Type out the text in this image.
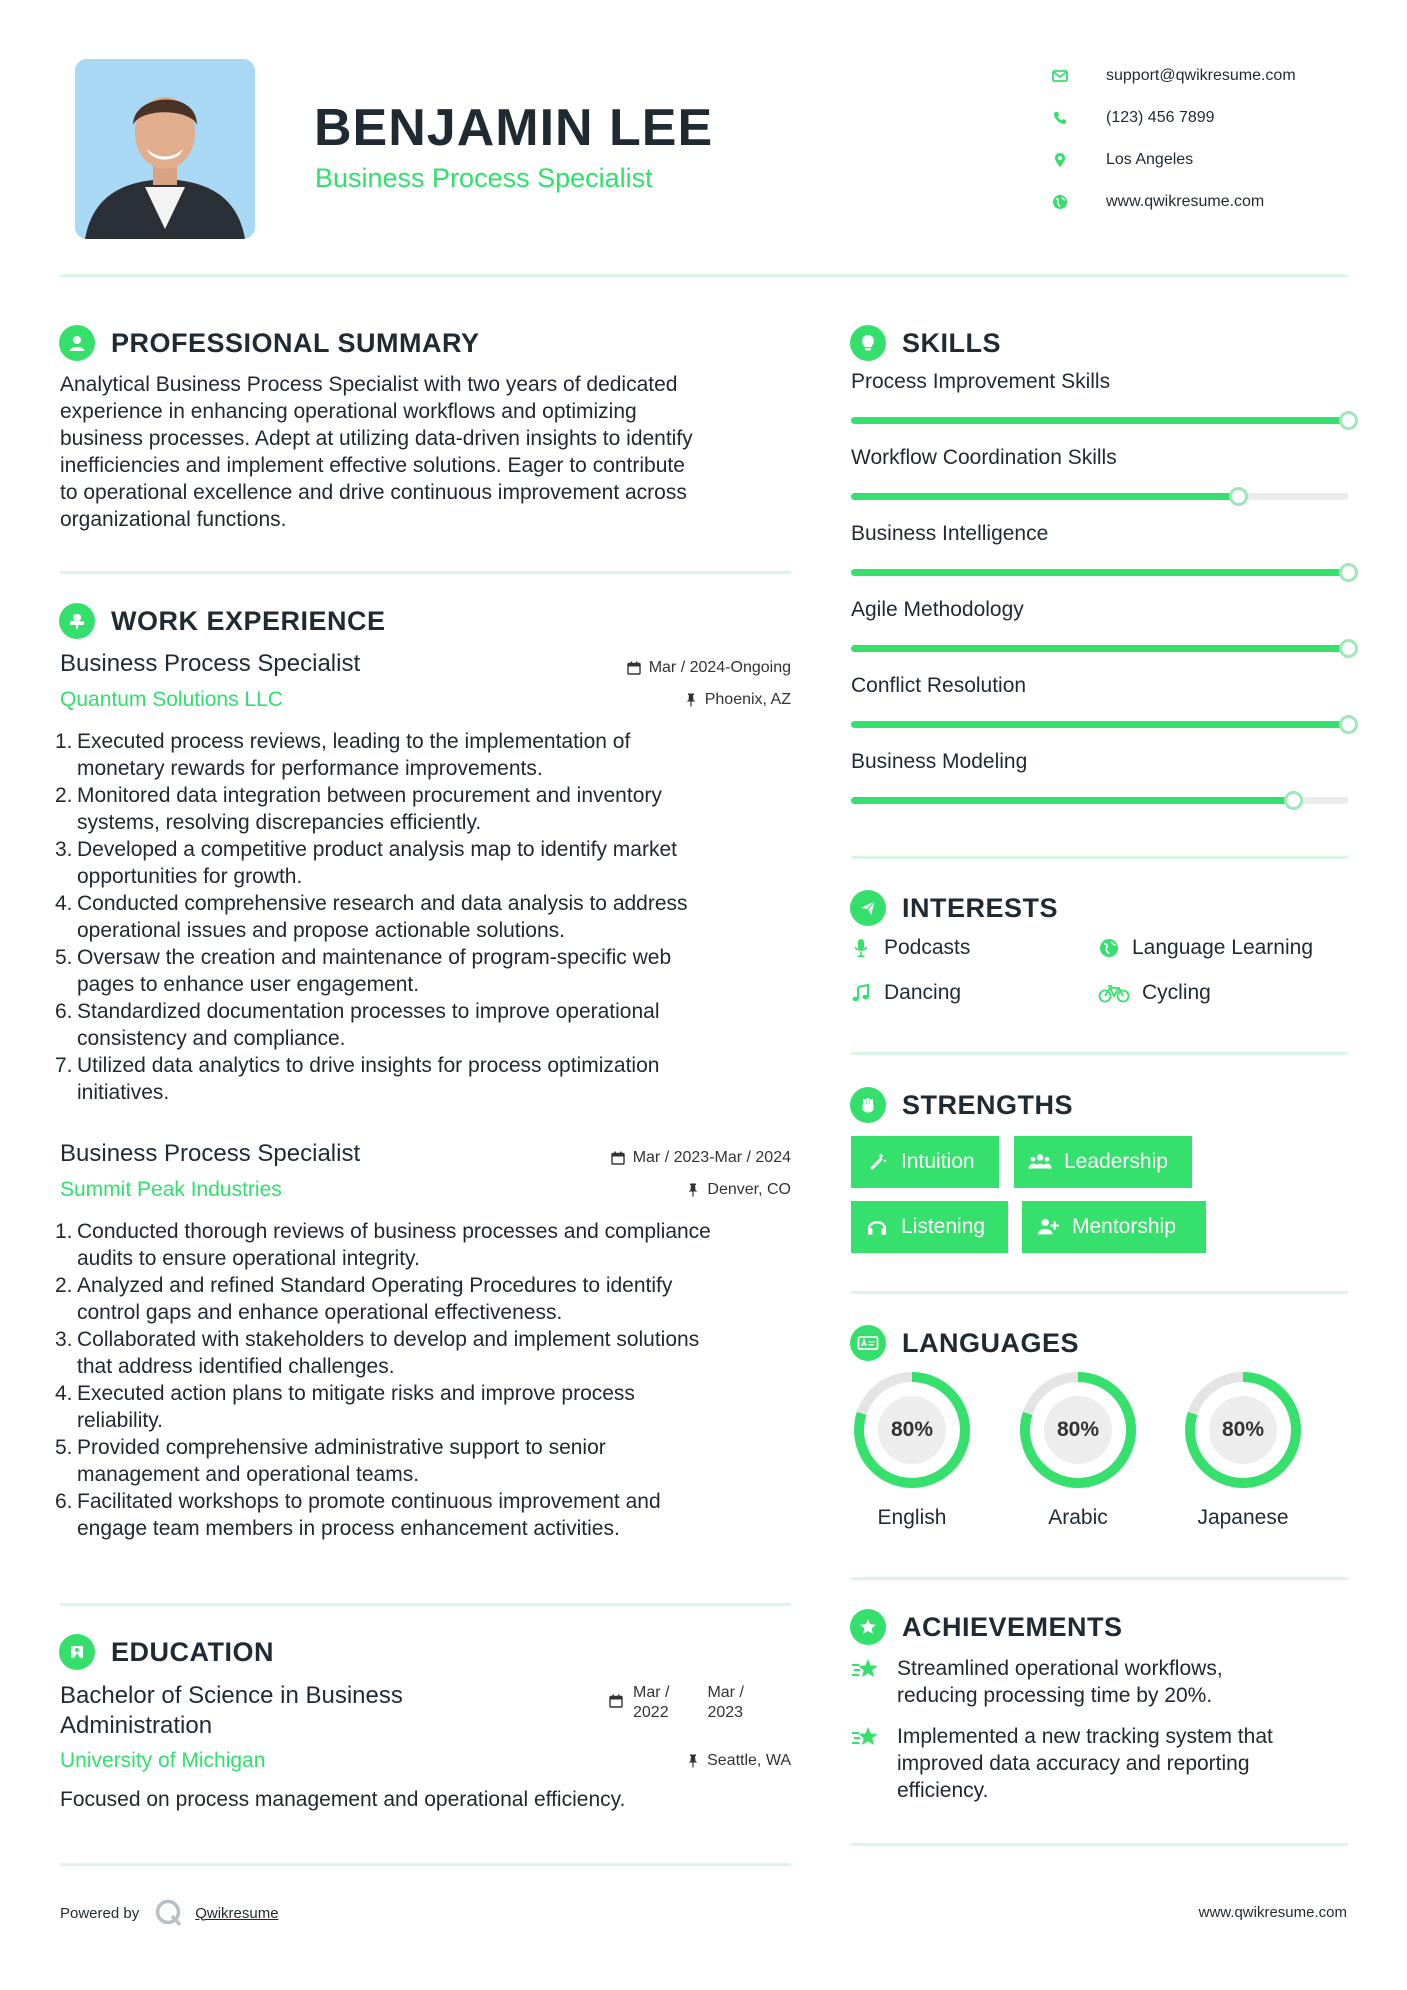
BENJAMIN LEE
Business Process Specialist
support@qwikresume.com
(123) 456 7899
Los Angeles
www.qwikresume.com
PROFESSIONAL SUMMARY
Analytical Business Process Specialist with two years of dedicated
experience in enhancing operational workflows and optimizing
business processes. Adept at utilizing data-driven insights to identify
inefficiencies and implement effective solutions. Eager to contribute
to operational excellence and drive continuous improvement across
organizational functions.
WORK EXPERIENCE
Business Process Specialist
Quantum Solutions LLC
Mar / 2024-Ongoing
Phoenix, AZ
1. Executed process reviews, leading to the implementation of
monetary rewards for performance improvements.
2. Monitored data integration between procurement and inventory
systems, resolving discrepancies efficiently.
3. Developed a competitive product analysis map to identify market
opportunities for growth.
4. Conducted comprehensive research and data analysis to address
operational issues and propose actionable solutions.
5. Oversaw the creation and maintenance of program-specific web
pages to enhance user engagement.
6. Standardized documentation processes to improve operational
consistency and compliance.
7. Utilized data analytics to drive insights for process optimization
initiatives.
Business Process Specialist
Summit Peak Industries
Mar / 2023-Mar / 2024
Denver, CO
1. Conducted thorough reviews of business processes and compliance
audits to ensure operational integrity.
2. Analyzed and refined Standard Operating Procedures to identify
control gaps and enhance operational effectiveness.
3. Collaborated with stakeholders to develop and implement solutions
that address identified challenges.
4. Executed action plans to mitigate risks and improve process
reliability.
5. Provided comprehensive administrative support to senior
management and operational teams.
6. Facilitated workshops to promote continuous improvement and
engage team members in process enhancement activities.
EDUCATION
Bachelor of Science in Business
Administration
University of Michigan
Mar /
2022
Mar /
2023
Seattle, WA
Focused on process management and operational efficiency.
SKILLS
Process Improvement Skills
Workflow Coordination Skills
Business Intelligence
Agile Methodology
Conflict Resolution
Business Modeling
INTERESTS
Podcasts	Language Learning
Dancing	Cycling
STRENGTHS
Intuition	Leadership
Listening	Mentorship
LANGUAGES
80%
English
80%
Arabic
80%
Japanese
ACHIEVEMENTS
Streamlined operational workflows,
reducing processing time by 20%.
Implemented a new tracking system that
improved data accuracy and reporting
efficiency.
Powered by	Qwikresume	www.qwikresume.com
